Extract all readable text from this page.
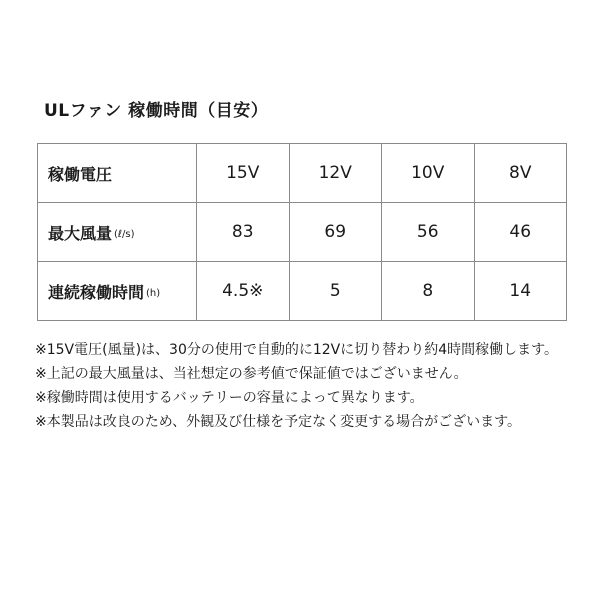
ULファン 稼働時間（目安）
稼働電圧	15V	12V	10V	8V
最大風量 (ℓ/s)	83	69	56	46
連続稼働時間 (h)	4.5※	5	8	14
※15V電圧(風量)は、30分の使用で自動的に12Vに切り替わり約4時間稼働します。
※上記の最大風量は、当社想定の参考値で保証値ではございません。
※稼働時間は使用するバッテリーの容量によって異なります。
※本製品は改良のため、外観及び仕様を予定なく変更する場合がございます。
